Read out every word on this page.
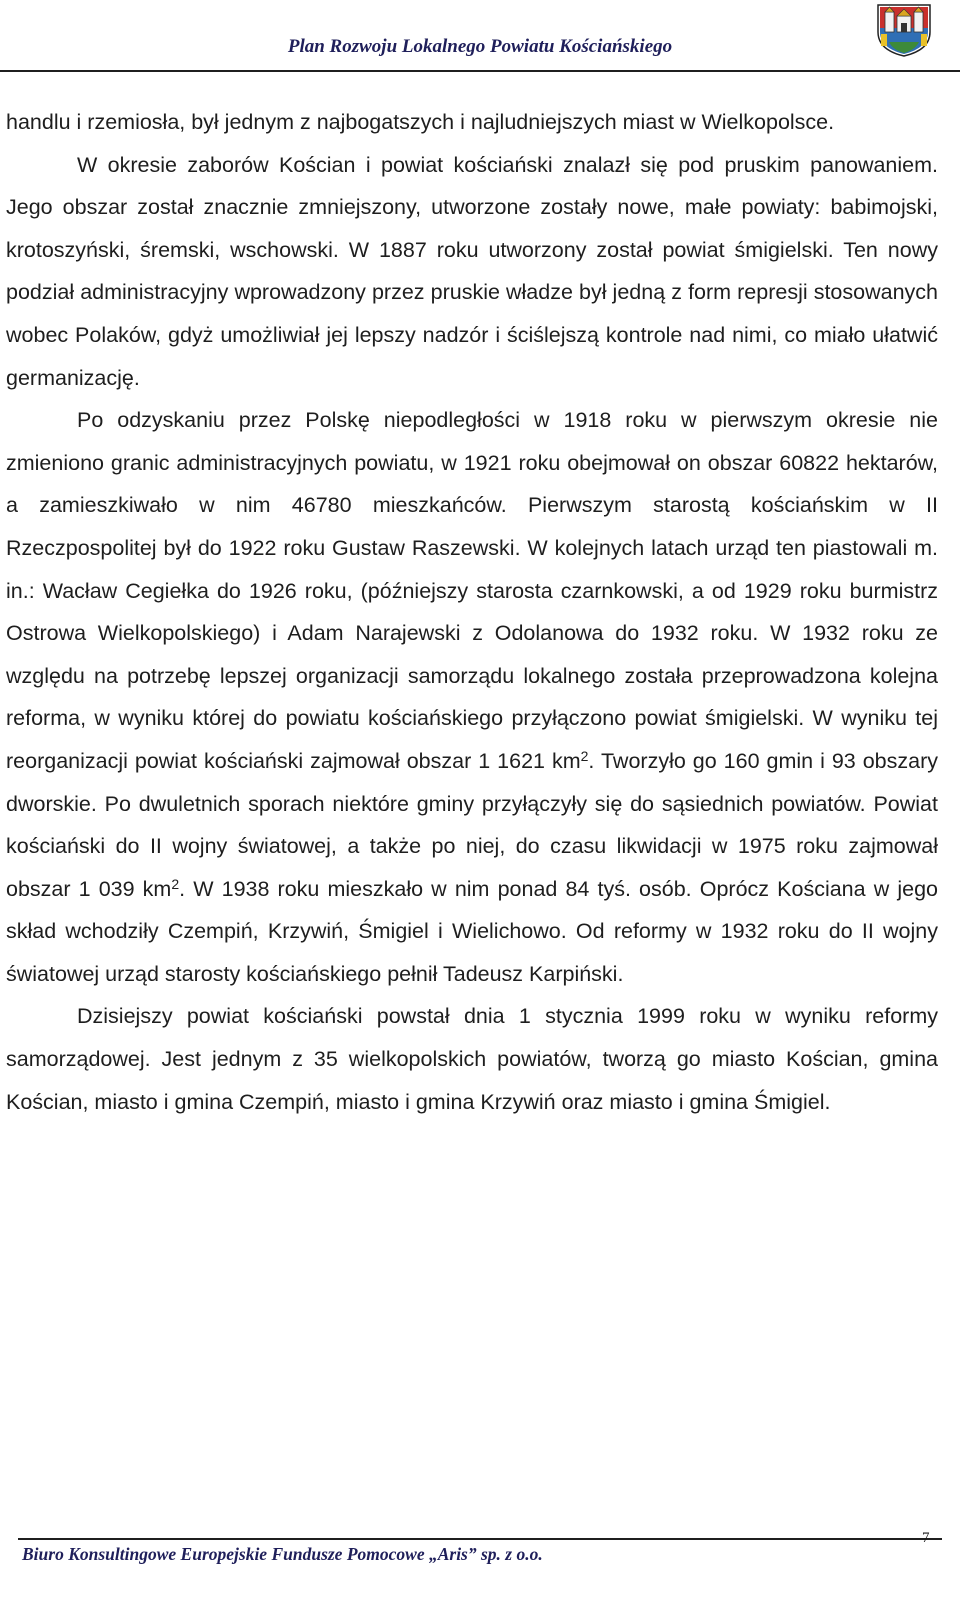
Plan Rozwoju Lokalnego Powiatu Kościańskiego

handlu i rzemiosła, był jednym z najbogatszych i najludniejszych miast w Wielkopolsce.

W okresie zaborów Kościan i powiat kościański znalazł się pod pruskim panowaniem. Jego obszar został znacznie zmniejszony, utworzone zostały nowe, małe powiaty: babimojski, krotoszyński, śremski, wschowski. W 1887 roku utworzony został powiat śmigielski. Ten nowy podział administracyjny wprowadzony przez pruskie władze był jedną z form represji stosowanych wobec Polaków, gdyż umożliwiał jej lepszy nadzór i ściślejszą kontrole nad nimi, co miało ułatwić germanizację.

Po odzyskaniu przez Polskę niepodległości w 1918 roku w pierwszym okresie nie zmieniono granic administracyjnych powiatu, w 1921 roku obejmował on obszar 60822 hektarów, a zamieszkiwało w nim 46780 mieszkańców. Pierwszym starostą kościańskim w II Rzeczpospolitej był do 1922 roku Gustaw Raszewski. W kolejnych latach urząd ten piastowali m. in.: Wacław Cegiełka do 1926 roku, (późniejszy starosta czarnkowski, a od 1929 roku burmistrz Ostrowa Wielkopolskiego) i Adam Narajewski z Odolanowa do 1932 roku. W 1932 roku ze względu na potrzebę lepszej organizacji samorządu lokalnego została przeprowadzona kolejna reforma, w wyniku której do powiatu kościańskiego przyłączono powiat śmigielski. W wyniku tej reorganizacji powiat kościański zajmował obszar 1 1621 $km^2$. Tworzyło go 160 gmin i 93 obszary dworskie. Po dwuletnich sporach niektóre gminy przyłączyły się do sąsiednich powiatów. Powiat kościański do II wojny światowej, a także po niej, do czasu likwidacji w 1975 roku zajmował obszar 1 039 $km^2$. W 1938 roku mieszkało w nim ponad 84 tyś. osób. Oprócz Kościana w jego skład wchodziły Czempiń, Krzywiń, Śmigiel i Wielichowo. Od reformy w 1932 roku do II wojny światowej urząd starosty kościańskiego pełnił Tadeusz Karpiński.

Dzisiejszy powiat kościański powstał dnia 1 stycznia 1999 roku w wyniku reformy samorządowej. Jest jednym z 35 wielkopolskich powiatów, tworzą go miasto Kościan, gmina Kościan, miasto i gmina Czempiń, miasto i gmina Krzywiń oraz miasto i gmina Śmigiel.

Biuro Konsultingowe Europejskie Fundusze Pomocowe „Aris” sp. z o.o.
7
